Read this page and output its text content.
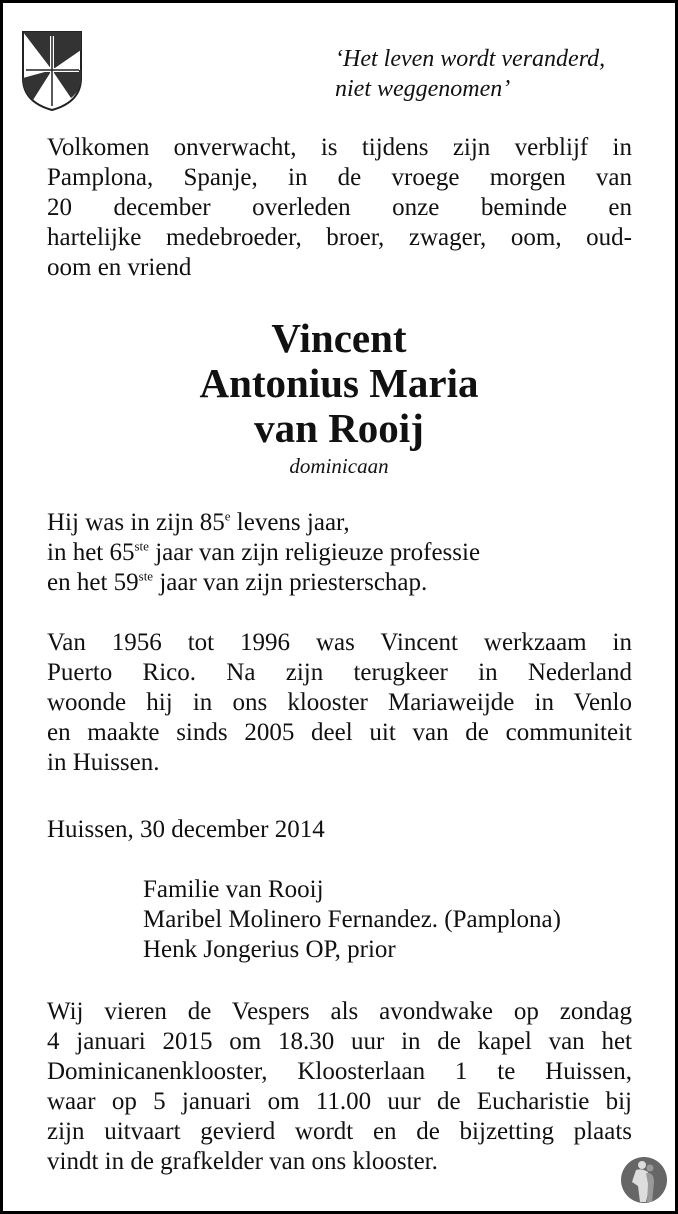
‘Het leven wordt veranderd,
niet weggenomen’
Volkomen onverwacht, is tijdens zijn verblijf in
Pamplona, Spanje, in de vroege morgen van
20 december overleden onze beminde en
hartelijke medebroeder, broer, zwager, oom, oud-
oom en vriend
Vincent
Antonius Maria
van Rooij
dominicaan
Hij was in zijn 85e levens jaar,
in het 65ste jaar van zijn religieuze professie
en het 59ste jaar van zijn priesterschap.
Van 1956 tot 1996 was Vincent werkzaam in
Puerto Rico. Na zijn terugkeer in Nederland
woonde hij in ons klooster Mariaweijde in Venlo
en maakte sinds 2005 deel uit van de communiteit
in Huissen.
Huissen, 30 december 2014
Familie van Rooij
Maribel Molinero Fernandez. (Pamplona)
Henk Jongerius OP, prior
Wij vieren de Vespers als avondwake op zondag
4 januari 2015 om 18.30 uur in de kapel van het
Dominicanenklooster, Kloosterlaan 1 te Huissen,
waar op 5 januari om 11.00 uur de Eucharistie bij
zijn uitvaart gevierd wordt en de bijzetting plaats
vindt in de grafkelder van ons klooster.
